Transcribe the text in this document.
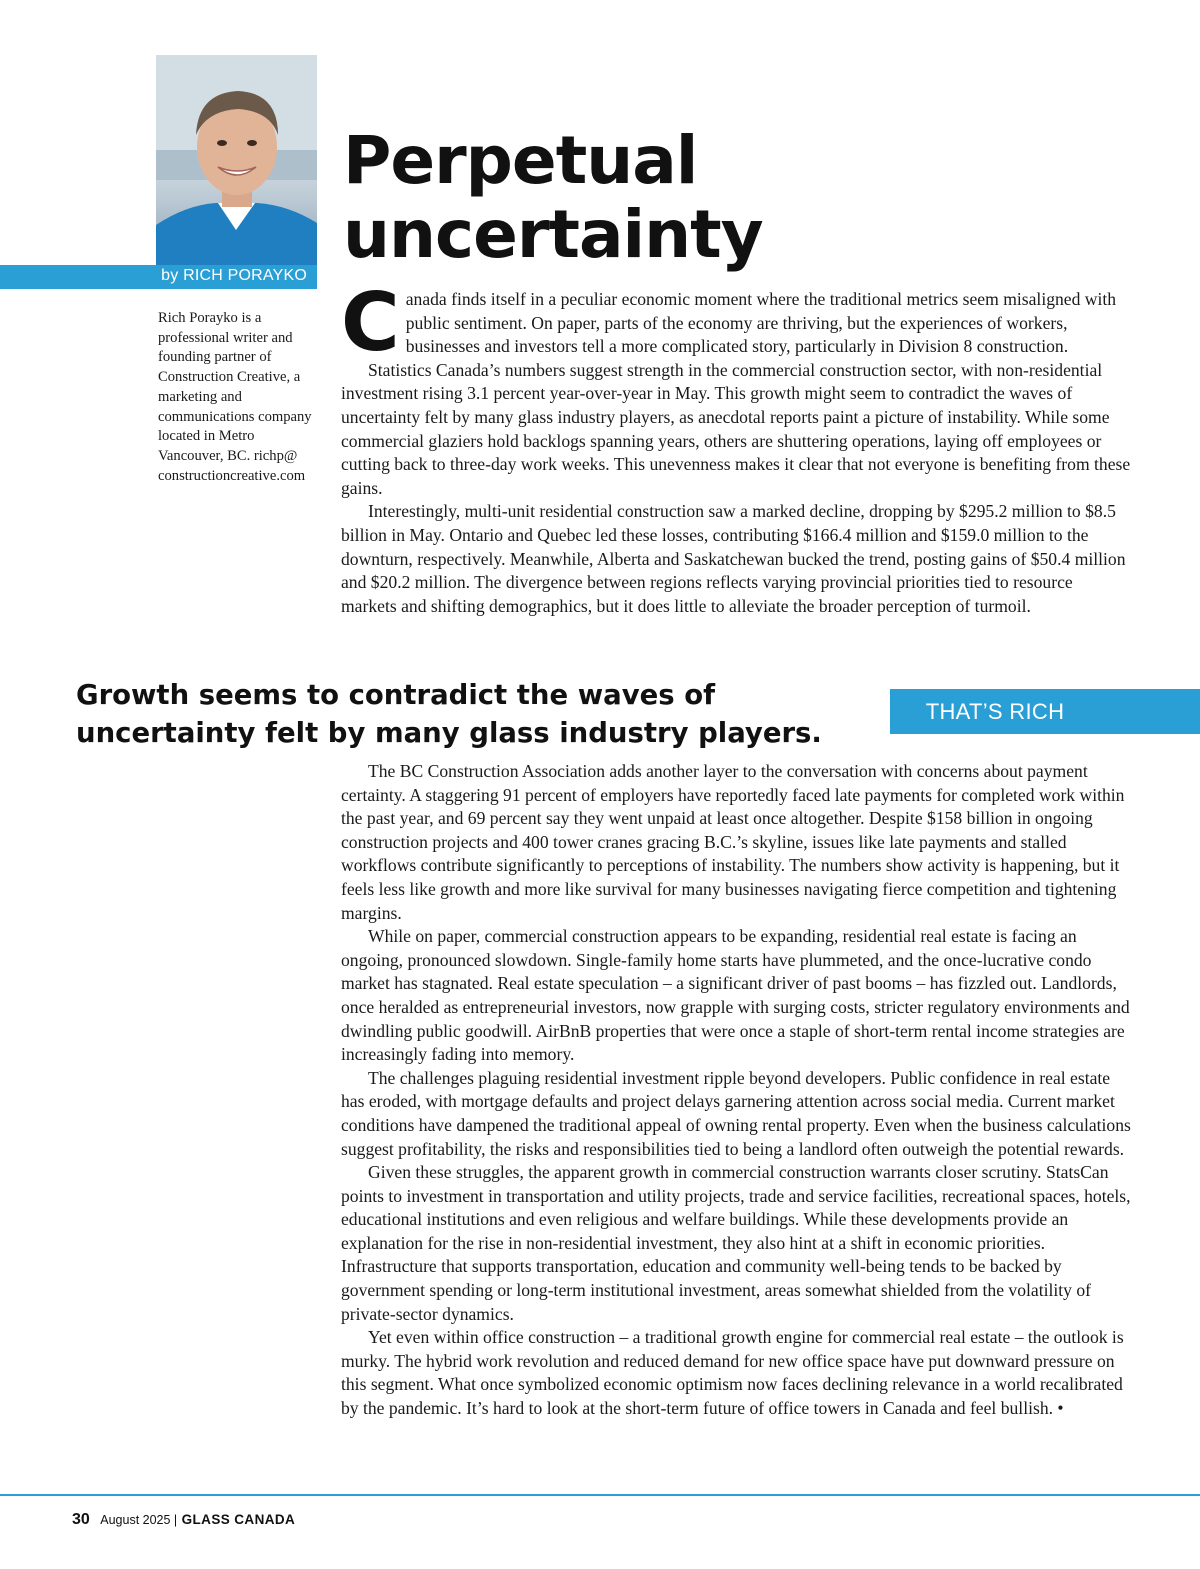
by RICH PORAYKO
Rich Porayko is a professional writer and founding partner of Construction Creative, a marketing and communications company located in Metro Vancouver, BC. richp@ constructioncreative.com
Perpetual
uncertainty

Canada finds itself in a peculiar economic moment where the traditional metrics seem misaligned with public sentiment. On paper, parts of the economy are thriving, but the experiences of workers, businesses and investors tell a more complicated story, particularly in Division 8 construction.

Statistics Canada’s numbers suggest strength in the commercial construction sector, with non-residential investment rising 3.1 percent year-over-year in May. This growth might seem to contradict the waves of uncertainty felt by many glass industry players, as anecdotal reports paint a picture of instability. While some commercial glaziers hold backlogs spanning years, others are shuttering operations, laying off employees or cutting back to three-day work weeks. This unevenness makes it clear that not everyone is benefiting from these gains.

Interestingly, multi-unit residential construction saw a marked decline, dropping by $295.2 million to $8.5 billion in May. Ontario and Quebec led these losses, contributing $166.4 million and $159.0 million to the downturn, respectively. Meanwhile, Alberta and Saskatchewan bucked the trend, posting gains of $50.4 million and $20.2 million. The divergence between regions reflects varying provincial priorities tied to resource markets and shifting demographics, but it does little to alleviate the broader perception of turmoil.

Growth seems to contradict the waves of uncertainty felt by many glass industry players.
THAT’S RICH

The BC Construction Association adds another layer to the conversation with concerns about payment certainty. A staggering 91 percent of employers have reportedly faced late payments for completed work within the past year, and 69 percent say they went unpaid at least once altogether. Despite $158 billion in ongoing construction projects and 400 tower cranes gracing B.C.’s skyline, issues like late payments and stalled workflows contribute significantly to perceptions of instability. The numbers show activity is happening, but it feels less like growth and more like survival for many businesses navigating fierce competition and tightening margins.

While on paper, commercial construction appears to be expanding, residential real estate is facing an ongoing, pronounced slowdown. Single-family home starts have plummeted, and the once-lucrative condo market has stagnated. Real estate speculation – a significant driver of past booms – has fizzled out. Landlords, once heralded as entrepreneurial investors, now grapple with surging costs, stricter regulatory environments and dwindling public goodwill. AirBnB properties that were once a staple of short-term rental income strategies are increasingly fading into memory.

The challenges plaguing residential investment ripple beyond developers. Public confidence in real estate has eroded, with mortgage defaults and project delays garnering attention across social media. Current market conditions have dampened the traditional appeal of owning rental property. Even when the business calculations suggest profitability, the risks and responsibilities tied to being a landlord often outweigh the potential rewards.

Given these struggles, the apparent growth in commercial construction warrants closer scrutiny. StatsCan points to investment in transportation and utility projects, trade and service facilities, recreational spaces, hotels, educational institutions and even religious and welfare buildings. While these developments provide an explanation for the rise in non-residential investment, they also hint at a shift in economic priorities. Infrastructure that supports transportation, education and community well-being tends to be backed by government spending or long-term institutional investment, areas somewhat shielded from the volatility of private-sector dynamics.

Yet even within office construction – a traditional growth engine for commercial real estate – the outlook is murky. The hybrid work revolution and reduced demand for new office space have put downward pressure on this segment. What once symbolized economic optimism now faces declining relevance in a world recalibrated by the pandemic. It’s hard to look at the short-term future of office towers in Canada and feel bullish. •

30 August 2025 | GLASS CANADA
